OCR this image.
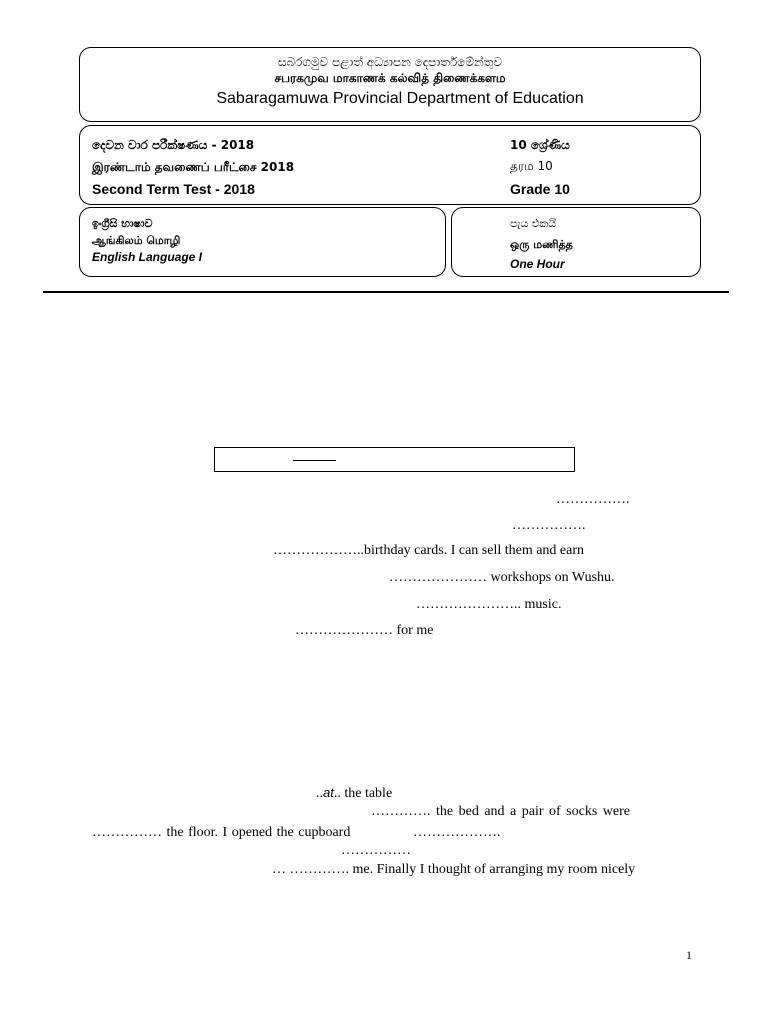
සබරගමුව පළාත් අධ්‍යාපන දෙපාර්තමේන්තුව
சபரகமுவ மாகாணக் கல்வித் திணைக்களம
Sabaragamuwa Provincial Department of Education
දෙවන වාර පරීක්ෂණය - 2018
இரண்டாம் தவணைப் பரீட்சை 2018
Second Term Test - 2018
10 ශ්‍රේණිය
தரம 10
Grade 10
ඉංග්‍රීසි භාෂාව
ஆங்கிலம் மொழி
English Language I
පැය එකයි
ஒரு மணித்த
One Hour
…………….
…………….
………………..birthday cards. I can sell them and earn
………………… workshops on Wushu.
………………….. music.
………………… for me
..at.. the table
…………. the bed and a pair of socks were
…………… the floor. I opened the cupboard	……………….
……………
… …………. me. Finally I thought of arranging my room nicely
1
